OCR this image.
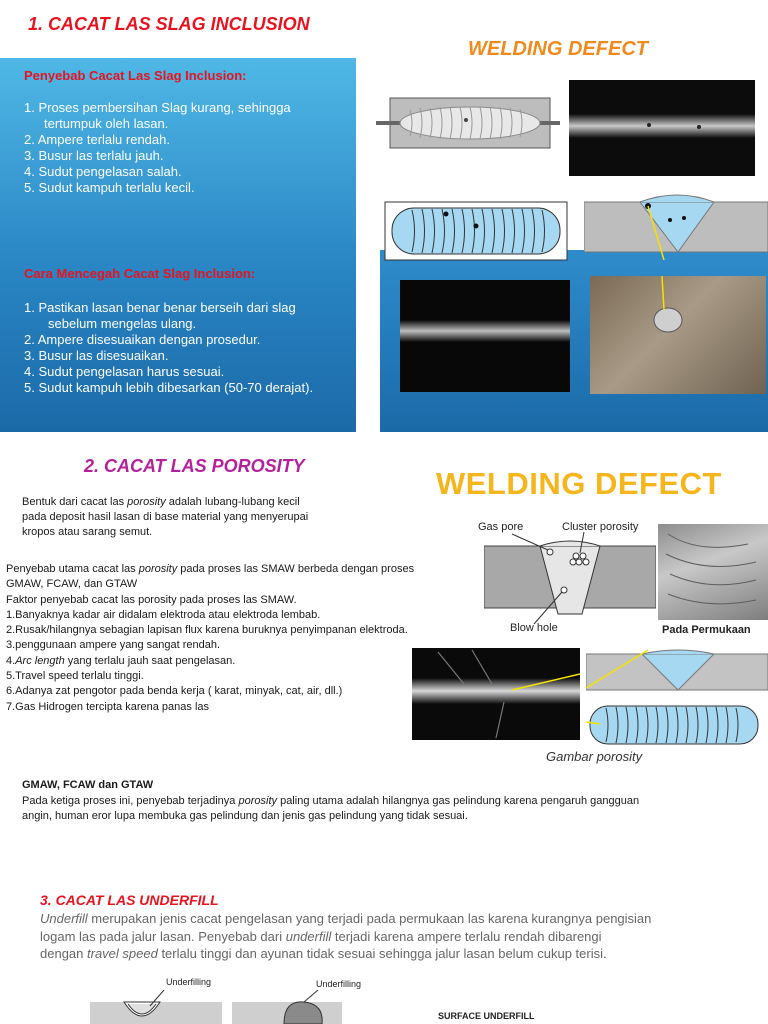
1. CACAT LAS SLAG INCLUSION
WELDING DEFECT
Penyebab Cacat Las Slag Inclusion:

1. Proses pembersihan Slag kurang, sehingga

tertumpuk oleh lasan.

2. Ampere terlalu rendah.

3. Busur las terlalu jauh.

4. Sudut pengelasan salah.

5. Sudut kampuh terlalu kecil.

Cara Mencegah Cacat Slag Inclusion:

1. Pastikan lasan benar benar berseih dari slag

sebelum mengelas ulang.

2. Ampere disesuaikan dengan prosedur.

3. Busur las disesuaikan.

4. Sudut pengelasan harus sesuai.

5. Sudut kampuh lebih dibesarkan (50-70 derajat).

2. CACAT LAS POROSITY	WELDING DEFECT

Bentuk dari cacat las porosity adalah lubang-lubang kecil

pada deposit hasil lasan di base material yang menyerupai

kropos atau sarang semut.

Penyebab utama cacat las porosity pada proses las SMAW berbeda dengan proses

GMAW, FCAW, dan GTAW

Faktor penyebab cacat las porosity pada proses las SMAW.

1.Banyaknya kadar air didalam elektroda atau elektroda lembab.

2.Rusak/hilangnya sebagian lapisan flux karena buruknya penyimpanan elektroda.

3.penggunaan ampere yang sangat rendah.

4.Arc length yang terlalu jauh saat pengelasan.

5.Travel speed terlalu tinggi.

6.Adanya zat pengotor pada benda kerja ( karat, minyak, cat, air, dll.)

7.Gas Hidrogen tercipta karena panas las

Gas pore	Cluster porosity
Blow hole	Pada Permukaan
Gambar porosity
GMAW, FCAW dan GTAW

Pada ketiga proses ini, penyebab terjadinya porosity paling utama adalah hilangnya gas pelindung karena pengaruh gangguan

angin, human eror lupa membuka gas pelindung dan jenis gas pelindung yang tidak sesuai.

3. CACAT LAS UNDERFILL

Underfill merupakan jenis cacat pengelasan yang terjadi pada permukaan las karena kurangnya pengisian

logam las pada jalur lasan. Penyebab dari underfill terjadi karena ampere terlalu rendah dibarengi

dengan travel speed terlalu tinggi dan ayunan tidak sesuai sehingga jalur lasan belum cukup terisi.

Underfilling	Underfilling
SURFACE UNDERFILL
